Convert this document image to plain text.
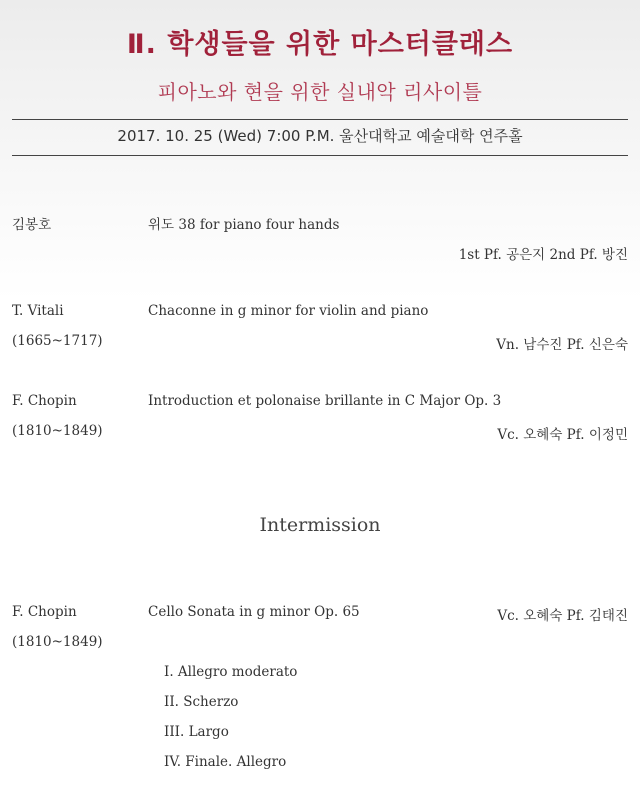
Ⅱ. 학생들을 위한 마스터클래스
피아노와 현을 위한 실내악 리사이틀
2017. 10. 25 (Wed) 7:00 P.M. 울산대학교 예술대학 연주홀
김봉호	위도 38 for piano four hands
1st Pf. 공은지 2nd Pf. 방진
T. Vitali
(1665~1717)
Chaconne in g minor for violin and piano
Vn. 남수진 Pf. 신은숙
F. Chopin
(1810~1849)
Introduction et polonaise brillante in C Major Op. 3
Vc. 오혜숙 Pf. 이정민
Intermission
F. Chopin
(1810~1849)
Cello Sonata in g minor Op. 65	Vc. 오혜숙 Pf. 김태진
I. Allegro moderato
II. Scherzo
III. Largo
IV. Finale. Allegro
